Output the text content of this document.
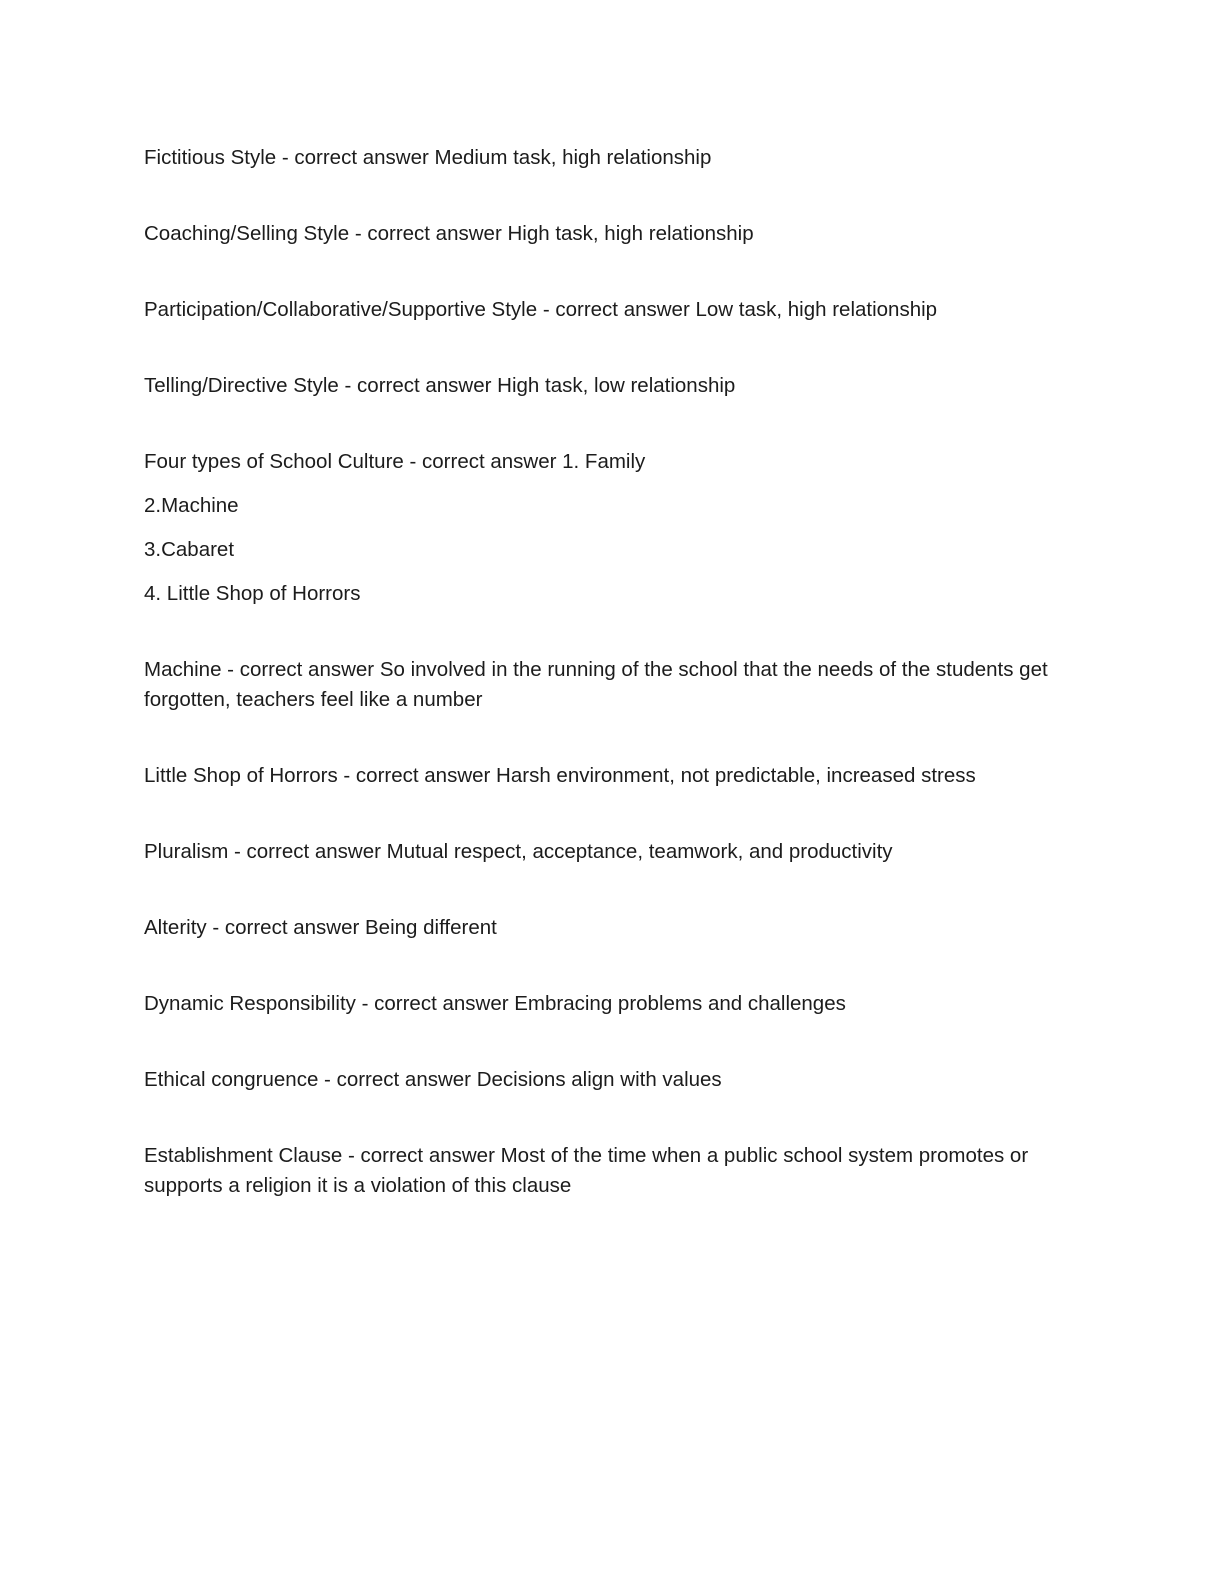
Fictitious Style - correct answer Medium task, high relationship

Coaching/Selling Style - correct answer High task, high relationship

Participation/Collaborative/Supportive Style - correct answer Low task, high relationship

Telling/Directive Style - correct answer High task, low relationship

Four types of School Culture - correct answer 1. Family

2.Machine

3.Cabaret

4. Little Shop of Horrors

Machine - correct answer So involved in the running of the school that the needs of the students get forgotten, teachers feel like a number

Little Shop of Horrors - correct answer Harsh environment, not predictable, increased stress

Pluralism - correct answer Mutual respect, acceptance, teamwork, and productivity

Alterity - correct answer Being different

Dynamic Responsibility - correct answer Embracing problems and challenges

Ethical congruence - correct answer Decisions align with values

Establishment Clause - correct answer Most of the time when a public school system promotes or supports a religion it is a violation of this clause
